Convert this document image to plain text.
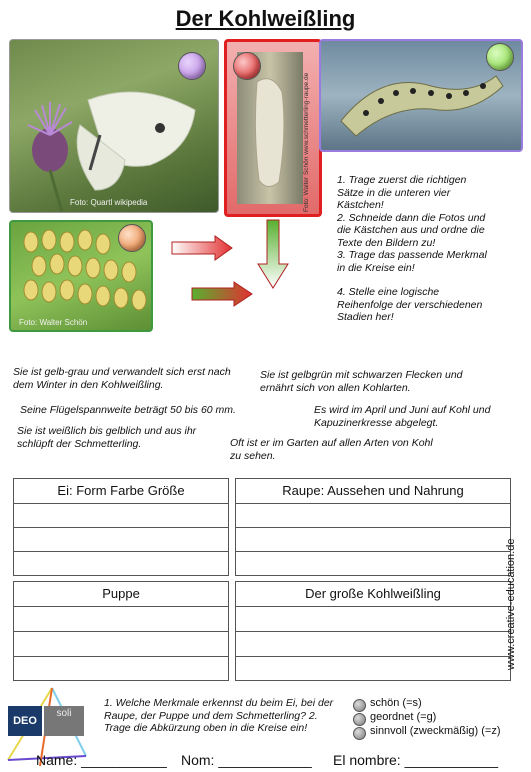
Der Kohlweißling
Foto: Quartl wikipedia	Foto: Walter Schön www.schmetterling-raupe.de
Foto: Walter Schön
1. Trage zuerst die richtigen Sätze in die unteren vier Kästchen!
2. Schneide dann die Fotos und die Kästchen aus und ordne die Texte den Bildern zu!
3. Trage das passende Merkmal in die Kreise ein!
4. Stelle eine logische Reihenfolge der verschiedenen Stadien her!
Sie ist gelb-grau und verwandelt sich erst nach dem Winter in den Kohlweißling.
Sie ist gelbgrün mit schwarzen Flecken und ernährt sich von allen Kohlarten.
Seine Flügelspannweite beträgt 50 bis 60 mm.	Es wird im April und Juni auf Kohl und Kapuzinerkresse abgelegt.
Sie ist weißlich bis gelblich und aus ihr schlüpft der Schmetterling.	Oft ist er im Garten auf allen Arten von Kohl zu sehen.
Ei: Form Farbe Größe	Raupe: Aussehen und Nahrung
Puppe	Der große Kohlweißling	www.creative-education.de
DEO
soli
1. Welche Merkmale erkennst du beim Ei, bei der Raupe, der Puppe und dem Schmetterling? 2. Trage die Abkürzung oben in die Kreise ein!
schön (=s)
geordnet (=g)
sinnvoll (zweckmäßig) (=z)
Name: ___________ Nom: ____________ El nombre: ____________
